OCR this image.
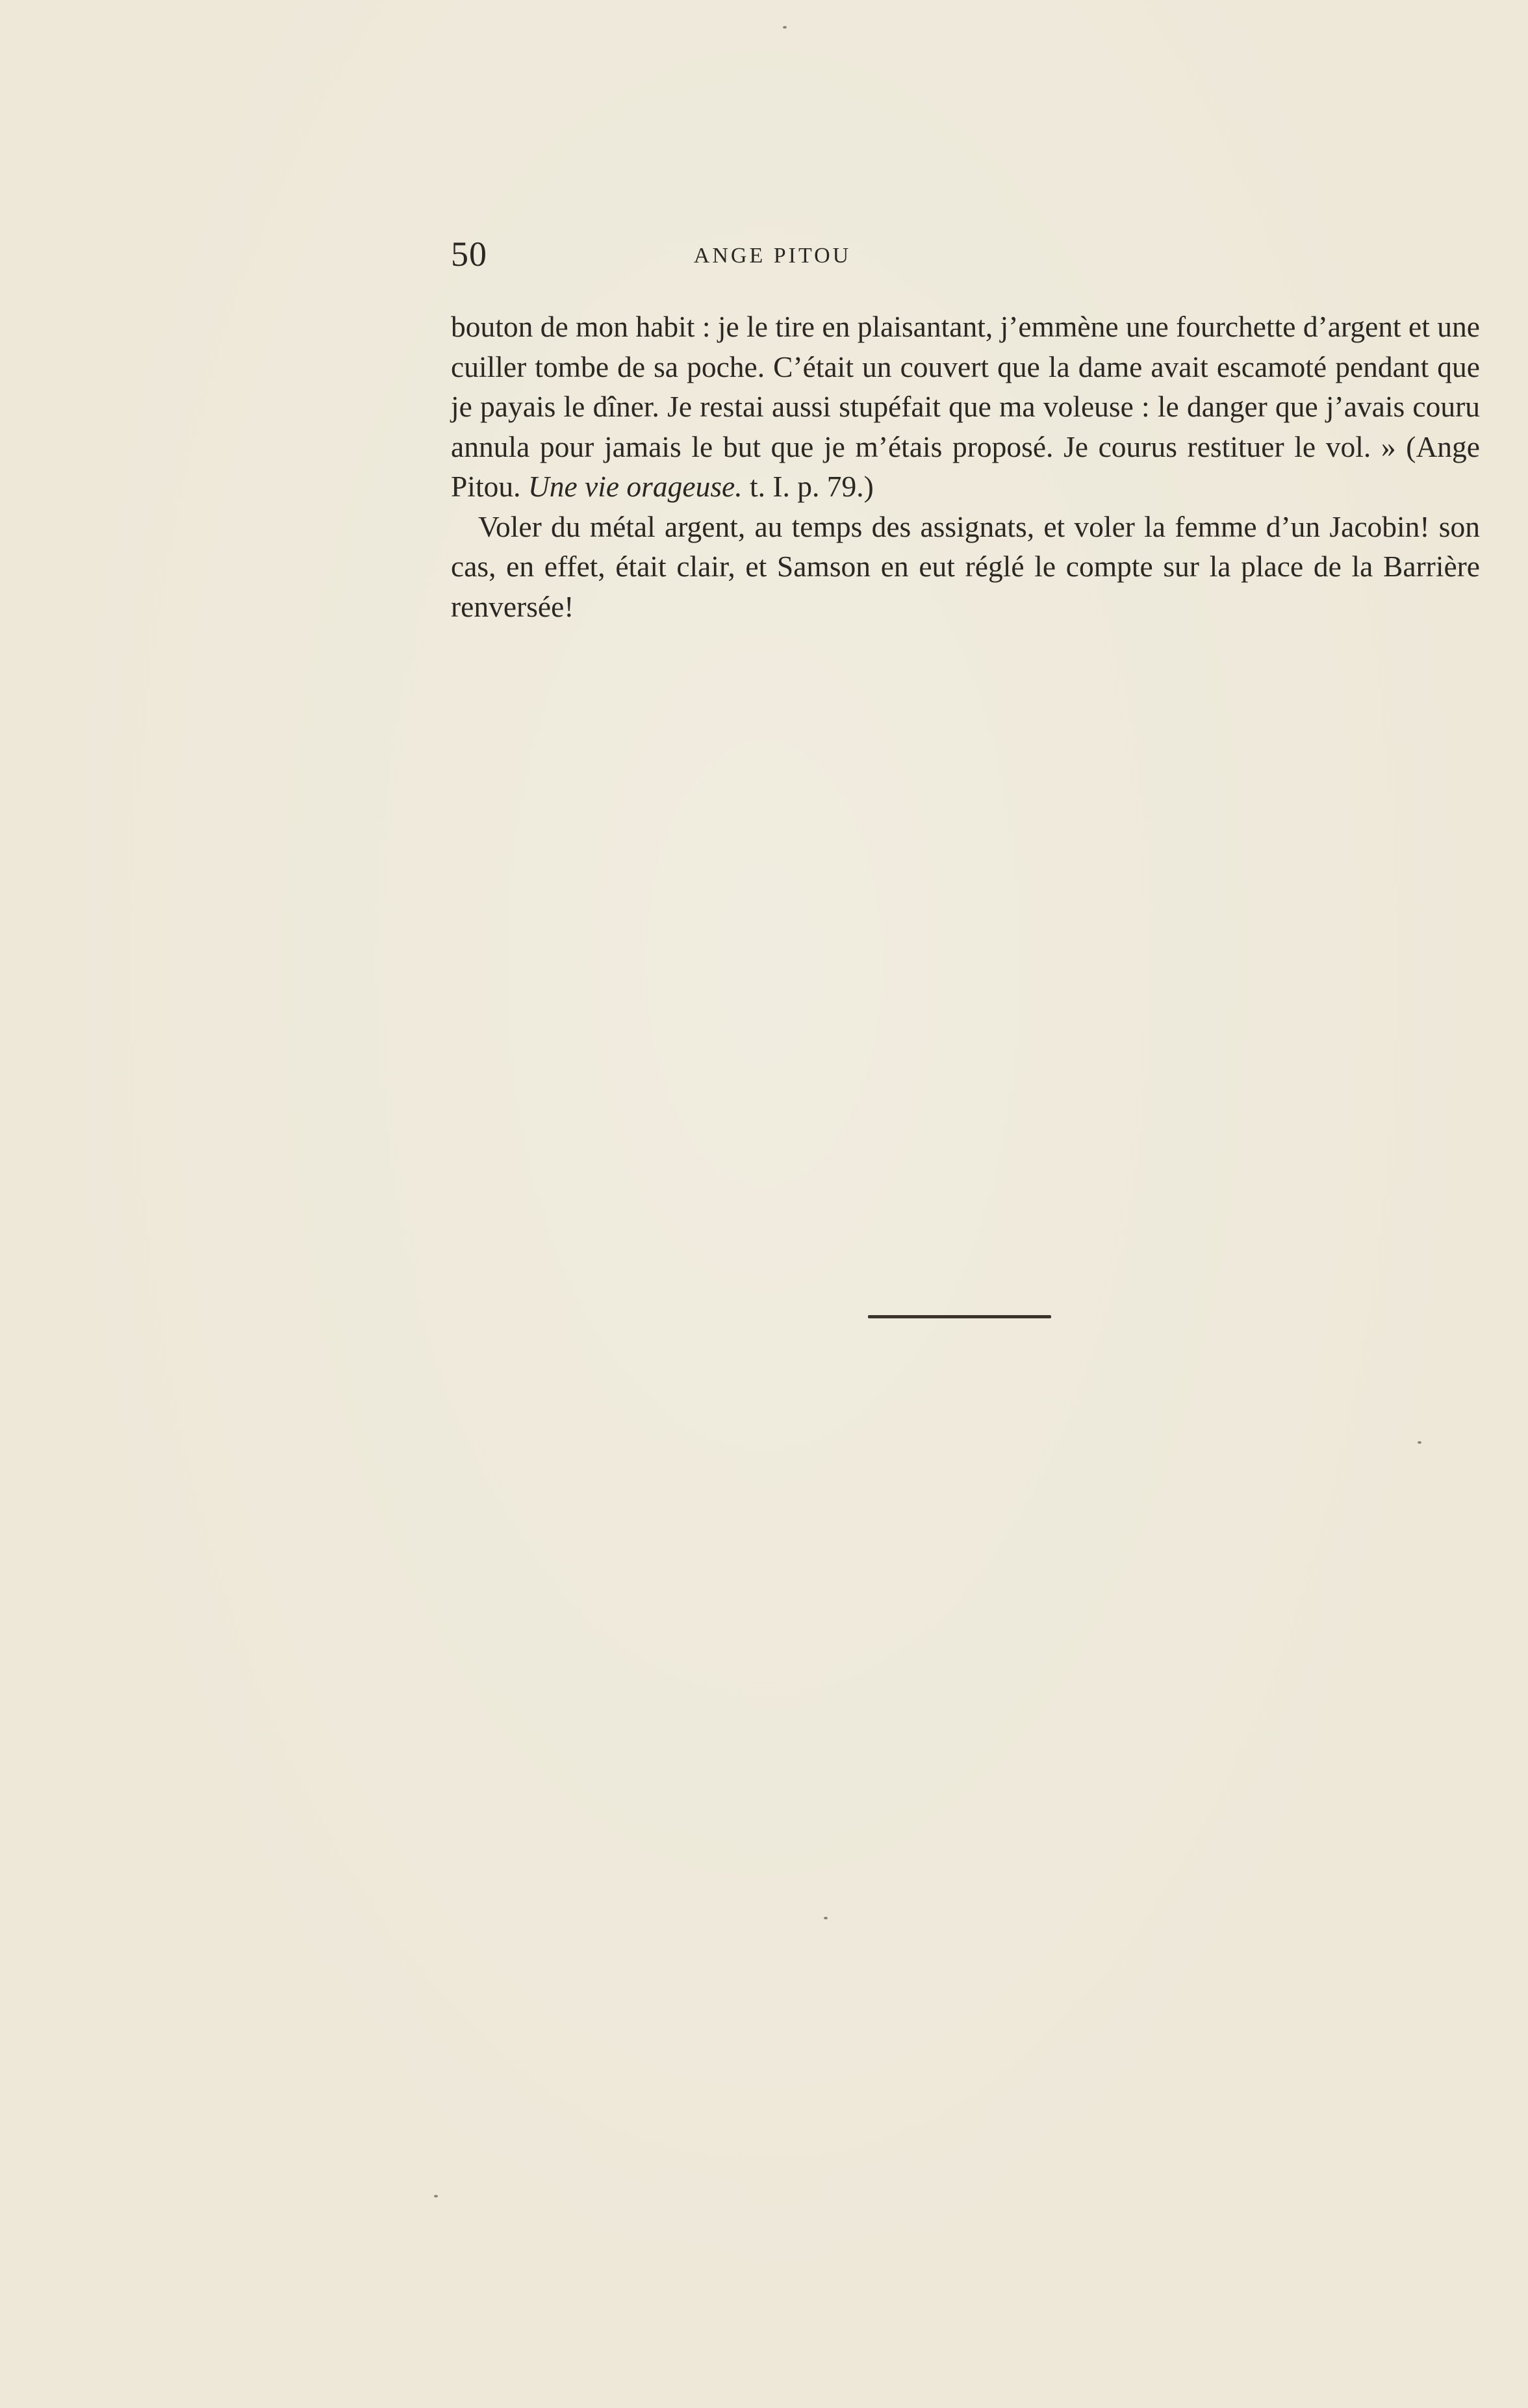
50	ANGE PITOU

bouton de mon habit : je le tire en plaisantant, j’emmène une fourchette d’argent et une cuiller tombe de sa poche. C’était un couvert que la dame avait escamoté pendant que je payais le dîner. Je restai aussi stupéfait que ma voleuse : le danger que j’avais couru annula pour jamais le but que je m’étais proposé. Je courus restituer le vol. » (Ange Pitou. Une vie orageuse. t. I. p. 79.)

Voler du métal argent, au temps des assignats, et voler la femme d’un Jacobin! son cas, en effet, était clair, et Samson en eut réglé le compte sur la place de la Barrière renversée!
